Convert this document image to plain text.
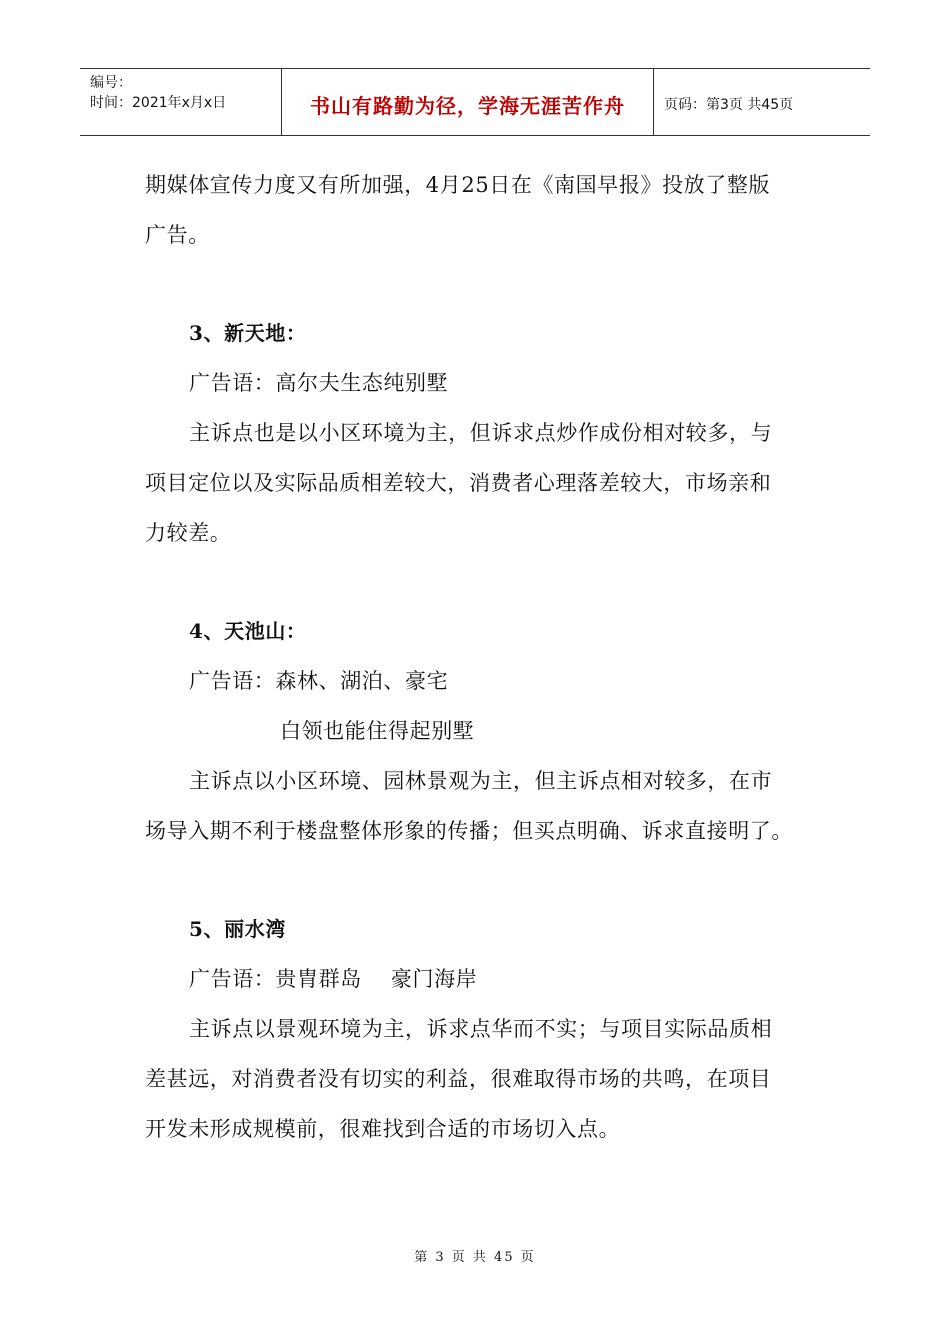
编号：
时间：2021年x月x日	书山有路勤为径，学海无涯苦作舟	页码：第3页 共45页
期媒体宣传力度又有所加强，4月25日在《南国早报》投放了整版
广告。
3、新天地：
广告语：高尔夫生态纯别墅
主诉点也是以小区环境为主，但诉求点炒作成份相对较多，与
项目定位以及实际品质相差较大，消费者心理落差较大，市场亲和
力较差。
4、天池山：
广告语：森林、湖泊、豪宅
白领也能住得起别墅
主诉点以小区环境、园林景观为主，但主诉点相对较多，在市
场导入期不利于楼盘整体形象的传播；但买点明确、诉求直接明了。
5、丽水湾
广告语：贵胄群岛    豪门海岸
主诉点以景观环境为主，诉求点华而不实；与项目实际品质相
差甚远，对消费者没有切实的利益，很难取得市场的共鸣，在项目
开发未形成规模前，很难找到合适的市场切入点。
第 3 页 共 45 页
